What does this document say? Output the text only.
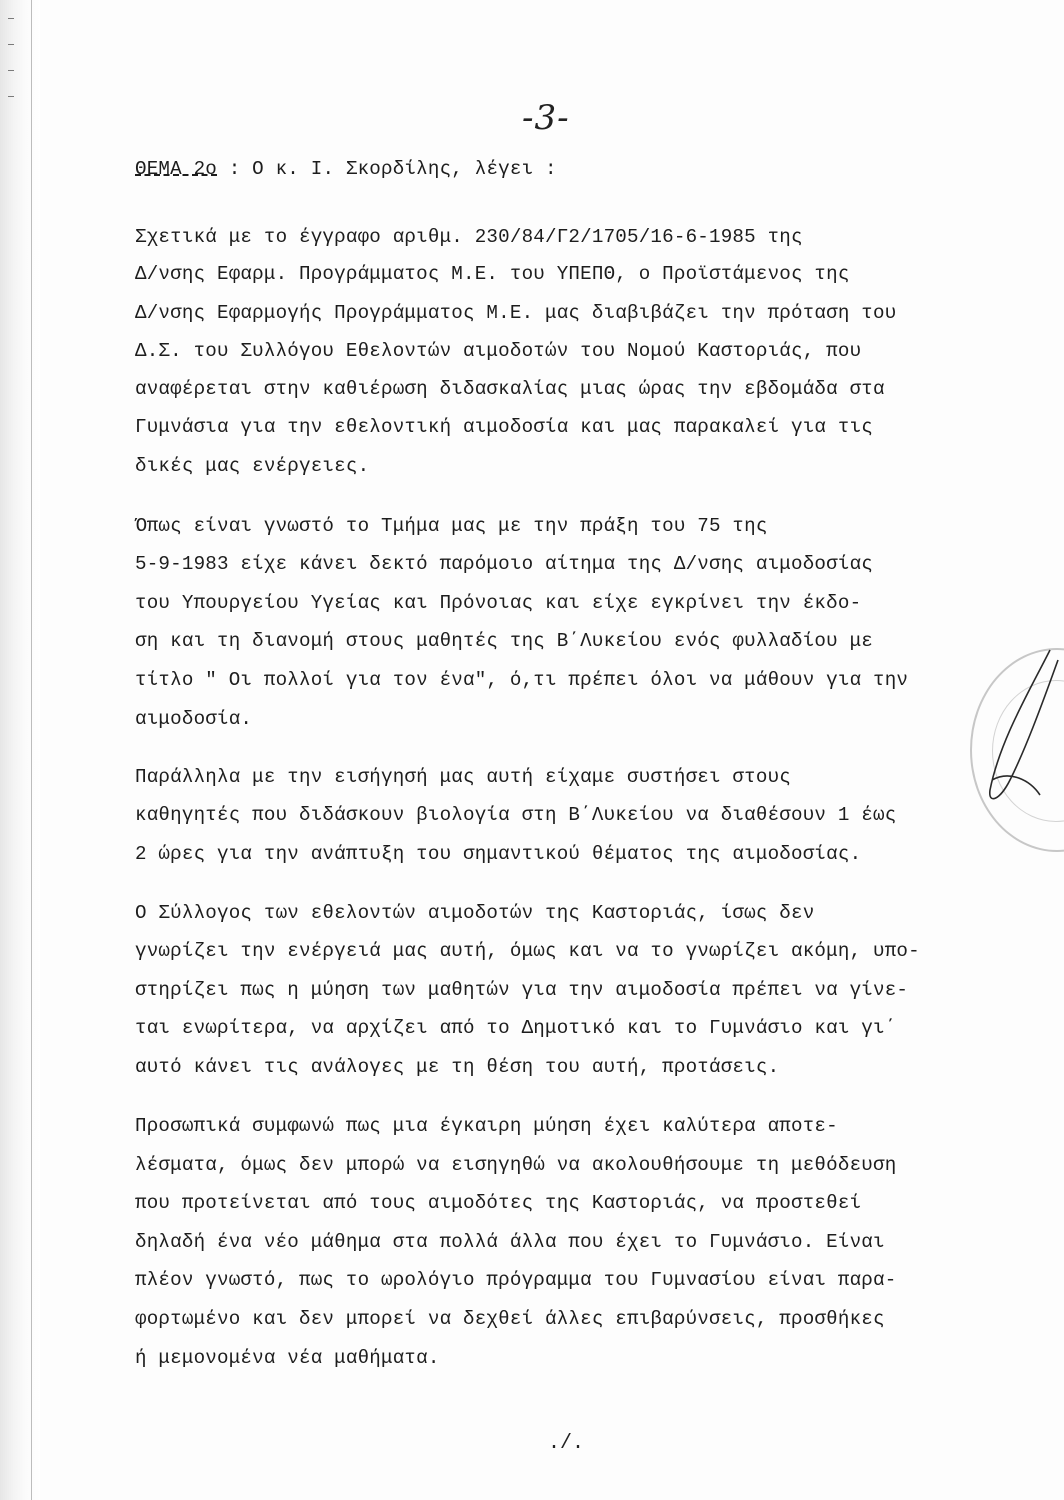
-3-
ΘΕΜΑ 2ο : Ο κ. Ι. Σκορδίλης, λέγει :
Σχετικά με το έγγραφο αριθμ. 230/84/Γ2/1705/16-6-1985 της
Δ/νσης Εφαρμ. Προγράμματος Μ.Ε. του ΥΠΕΠΘ, ο Προϊστάμενος της
Δ/νσης Εφαρμογής Προγράμματος Μ.Ε. μας διαβιβάζει την πρόταση του
Δ.Σ. του Συλλόγου Εθελοντών αιμοδοτών του Νομού Καστοριάς, που
αναφέρεται στην καθιέρωση διδασκαλίας μιας ώρας την εβδομάδα στα
Γυμνάσια για την εθελοντική αιμοδοσία και μας παρακαλεί για τις
δικές μας ενέργειες.
Όπως είναι γνωστό το Τμήμα μας με την πράξη του 75 της
5-9-1983 είχε κάνει δεκτό παρόμοιο αίτημα της Δ/νσης αιμοδοσίας
του Υπουργείου Υγείας και Πρόνοιας και είχε εγκρίνει την έκδο-
ση και τη διανομή στους μαθητές της Β΄Λυκείου ενός φυλλαδίου με
τίτλο " Οι πολλοί για τον ένα", ό,τι πρέπει όλοι να μάθουν για την
αιμοδοσία.
Παράλληλα με την εισήγησή μας αυτή είχαμε συστήσει στους
καθηγητές που διδάσκουν βιολογία στη Β΄Λυκείου να διαθέσουν 1 έως
2 ώρες για την ανάπτυξη του σημαντικού θέματος της αιμοδοσίας.
Ο Σύλλογος των εθελοντών αιμοδοτών της Καστοριάς, ίσως δεν
γνωρίζει την ενέργειά μας αυτή, όμως και να το γνωρίζει ακόμη, υπο-
στηρίζει πως η μύηση των μαθητών για την αιμοδοσία πρέπει να γίνε-
ται ενωρίτερα, να αρχίζει από το Δημοτικό και το Γυμνάσιο και γι΄
αυτό κάνει τις ανάλογες με τη θέση του αυτή, προτάσεις.
Προσωπικά συμφωνώ πως μια έγκαιρη μύηση έχει καλύτερα αποτε-
λέσματα, όμως δεν μπορώ να εισηγηθώ να ακολουθήσουμε τη μεθόδευση
που προτείνεται από τους αιμοδότες της Καστοριάς, να προστεθεί
δηλαδή ένα νέο μάθημα στα πολλά άλλα που έχει το Γυμνάσιο. Είναι
πλέον γνωστό, πως το ωρολόγιο πρόγραμμα του Γυμνασίου είναι παρα-
φορτωμένο και δεν μπορεί να δεχθεί άλλες επιβαρύνσεις, προσθήκες
ή μεμονομένα νέα μαθήματα.
./.
